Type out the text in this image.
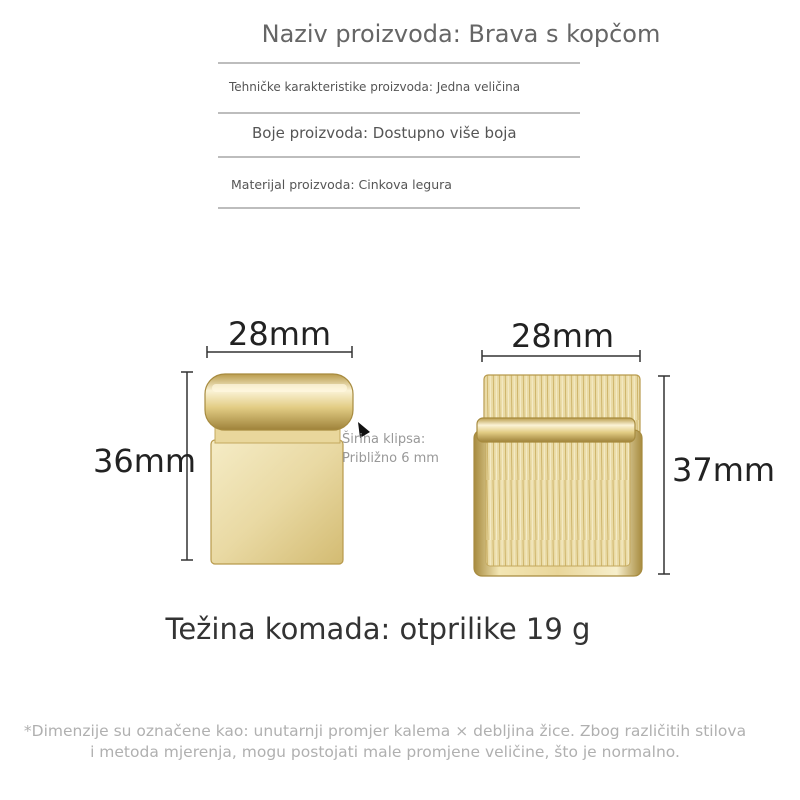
Naziv proizvoda: Brava s kopčom
Tehničke karakteristike proizvoda: Jedna veličina
Boje proizvoda: Dostupno više boja
Materijal proizvoda: Cinkova legura
28mm
36mm
28mm
37mm
Širina klipsa:
Približno 6 mm
Težina komada: otprilike 19 g
*Dimenzije su označene kao: unutarnji promjer kalema × debljina žice. Zbog različitih stilova
i metoda mjerenja, mogu postojati male promjene veličine, što je normalno.
